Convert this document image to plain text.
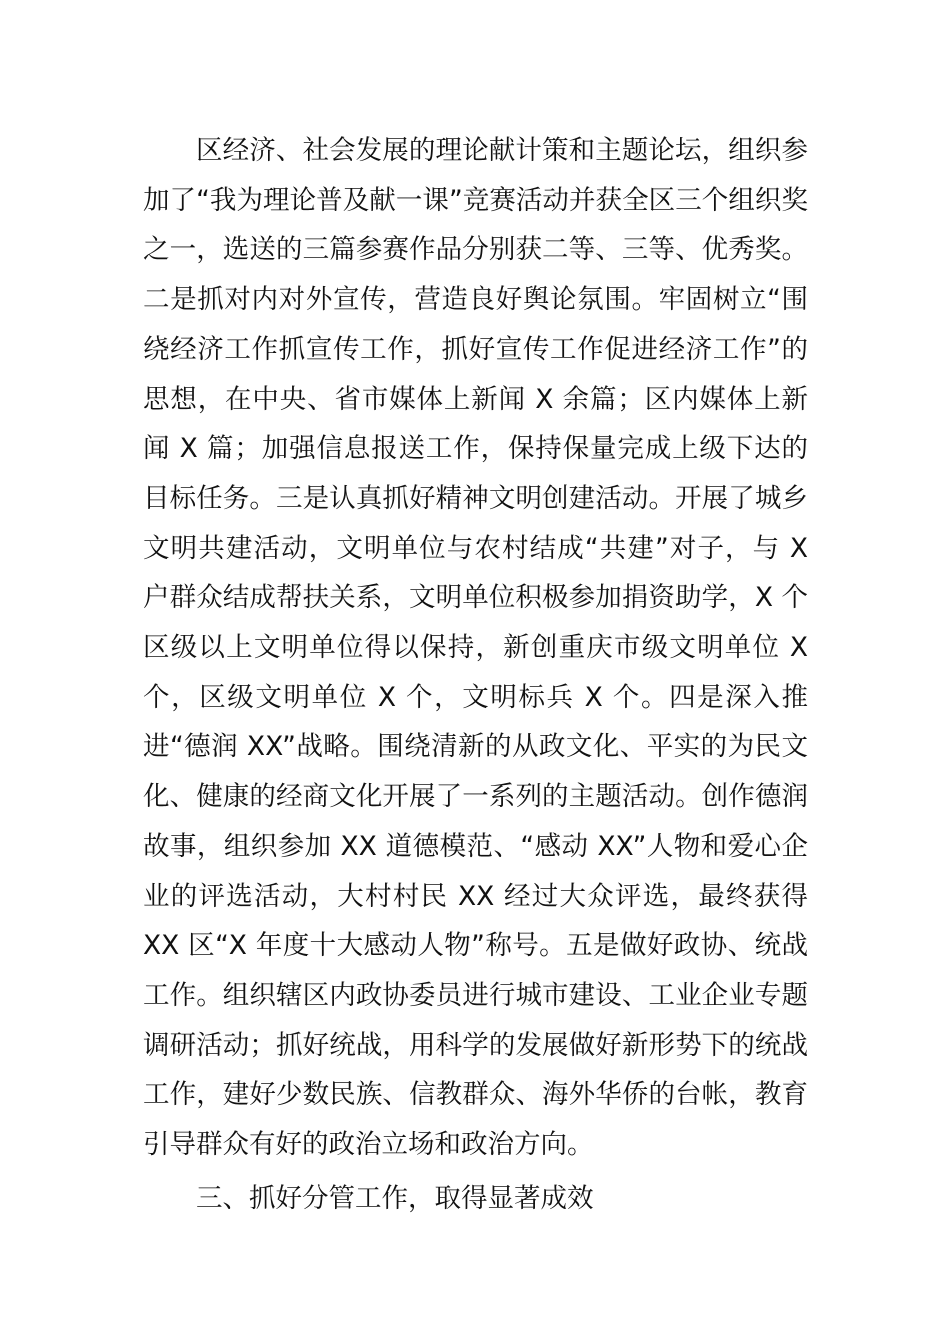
区经济、社会发展的理论献计策和主题论坛，组织参加了“我为理论普及献一课”竞赛活动并获全区三个组织奖之一，选送的三篇参赛作品分别获二等、三等、优秀奖。二是抓对内对外宣传，营造良好舆论氛围。牢固树立“围绕经济工作抓宣传工作，抓好宣传工作促进经济工作”的思想，在中央、省市媒体上新闻 X 余篇；区内媒体上新闻 X 篇；加强信息报送工作，保持保量完成上级下达的目标任务。三是认真抓好精神文明创建活动。开展了城乡文明共建活动，文明单位与农村结成“共建”对子，与 X 户群众结成帮扶关系，文明单位积极参加捐资助学，X 个区级以上文明单位得以保持，新创重庆市级文明单位 X 个，区级文明单位 X 个，文明标兵 X 个。四是深入推进“德润 XX”战略。围绕清新的从政文化、平实的为民文化、健康的经商文化开展了一系列的主题活动。创作德润故事，组织参加 XX 道德模范、“感动 XX”人物和爱心企业的评选活动，大村村民 XX 经过大众评选，最终获得 XX 区“X 年度十大感动人物”称号。五是做好政协、统战工作。组织辖区内政协委员进行城市建设、工业企业专题调研活动；抓好统战，用科学的发展做好新形势下的统战工作，建好少数民族、信教群众、海外华侨的台帐，教育引导群众有好的政治立场和政治方向。

三、抓好分管工作，取得显著成效
